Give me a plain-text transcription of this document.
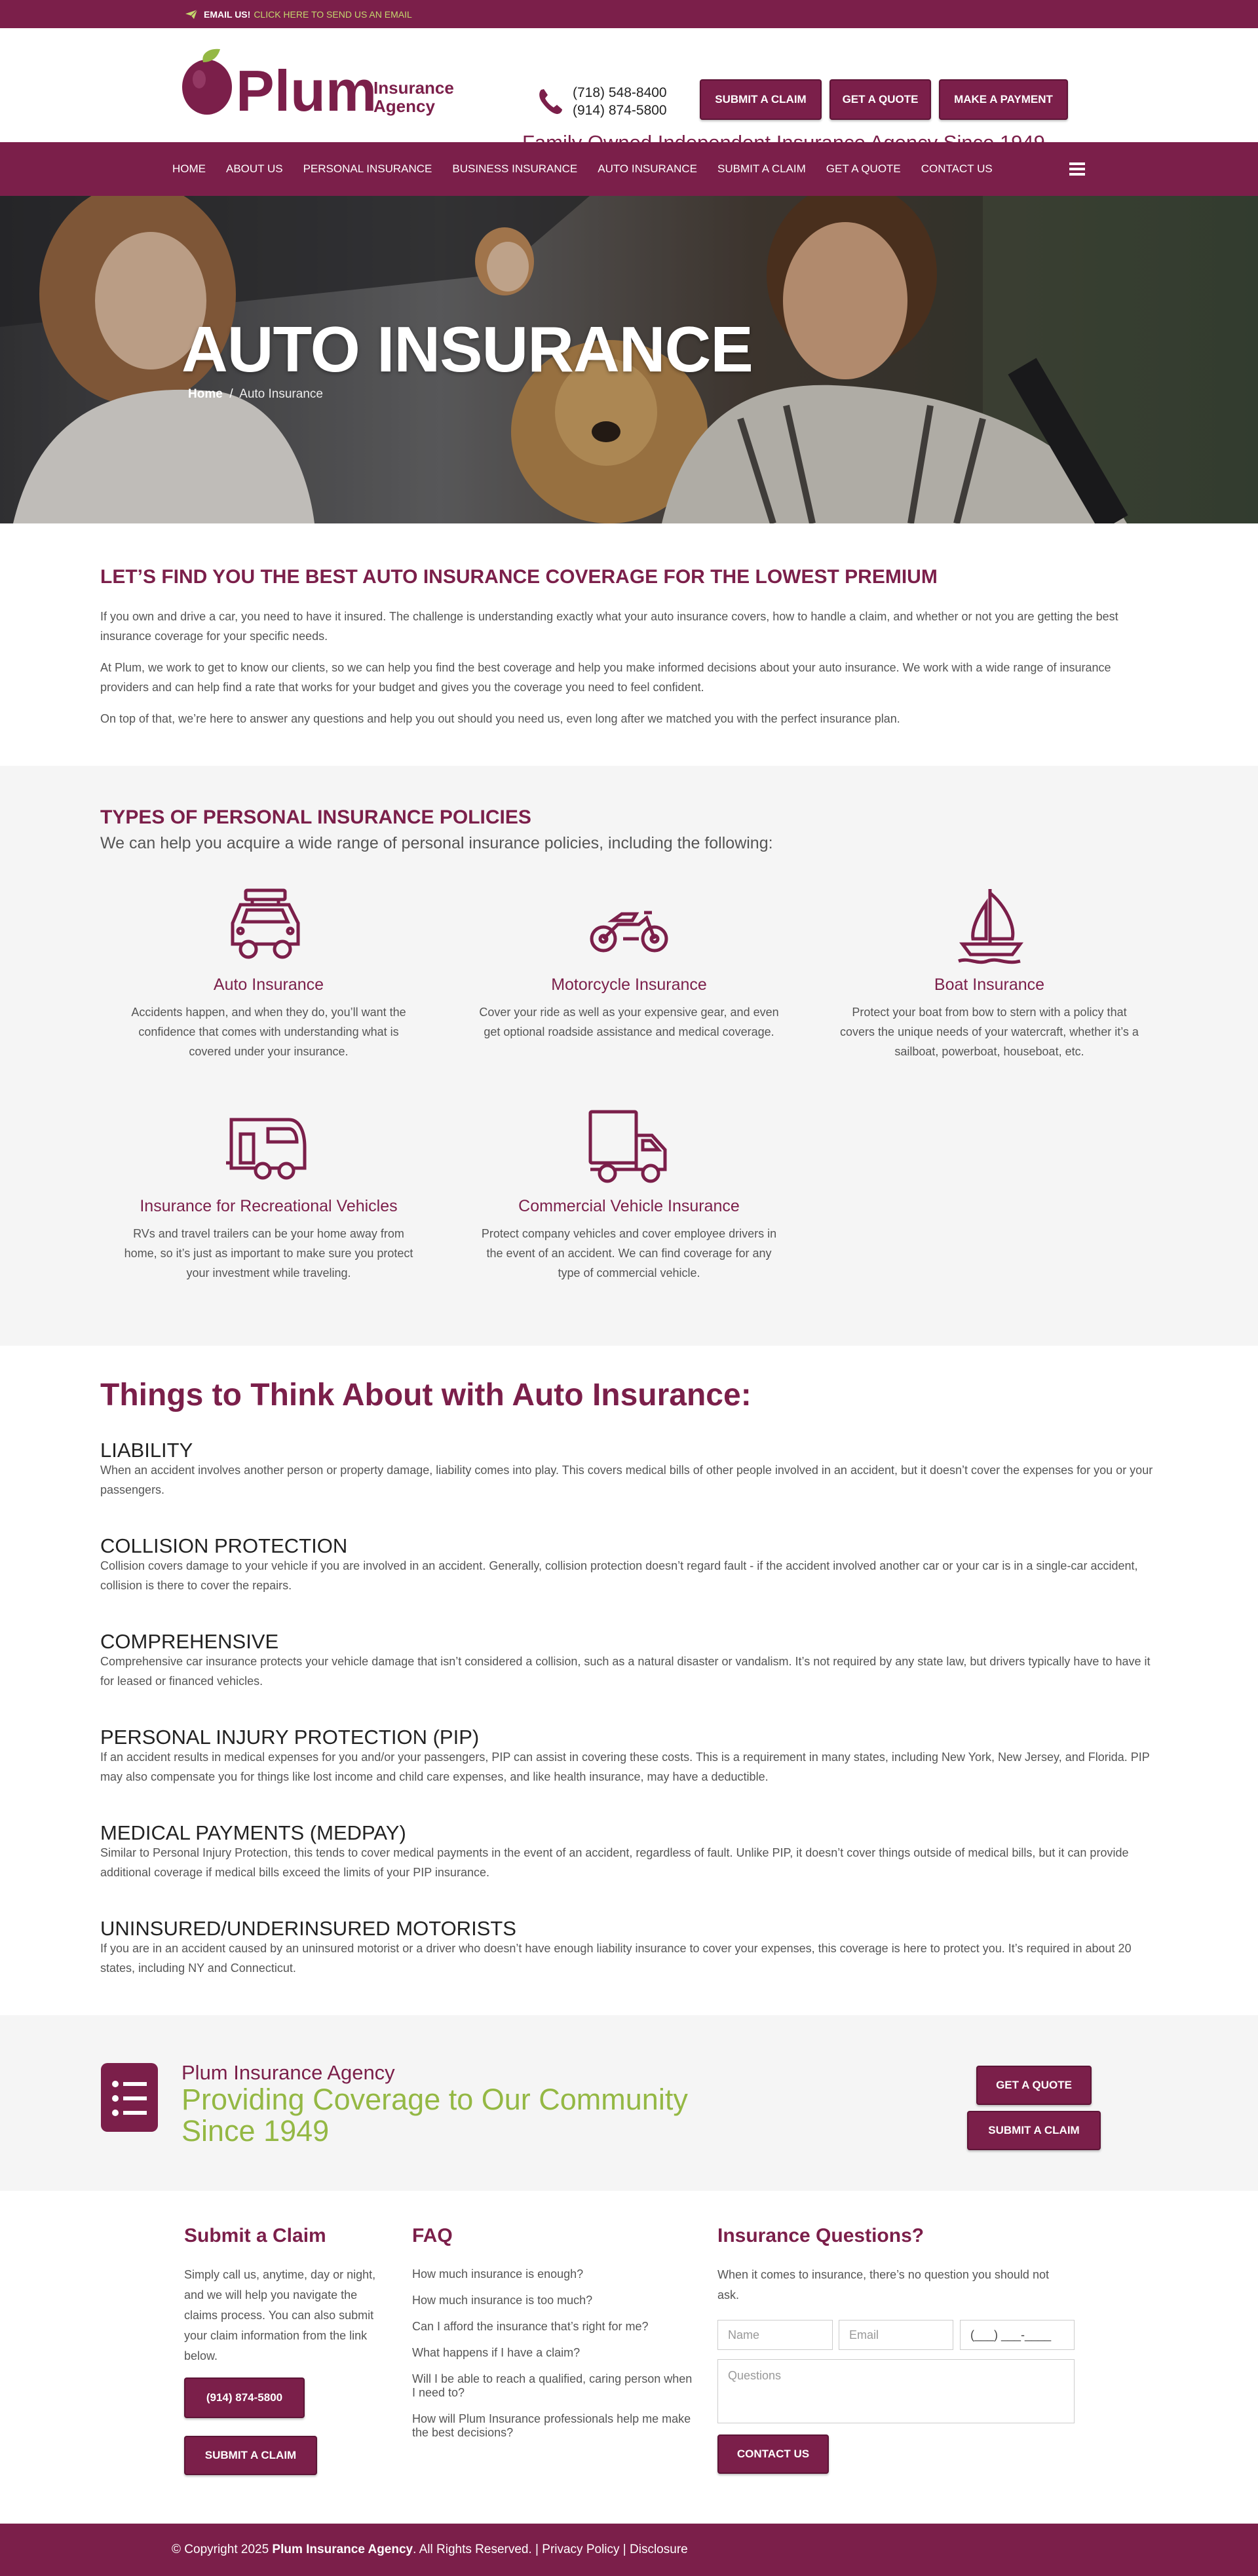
EMAIL US! CLICK HERE TO SEND US AN EMAIL
Plum
Insurance
Agency
(718) 548-8400
(914) 874-5800
SUBMIT A CLAIM	GET A QUOTE	MAKE A PAYMENT
HOME ABOUT US PERSONAL INSURANCE BUSINESS INSURANCE AUTO INSURANCE SUBMIT A CLAIM GET A QUOTE CONTACT US
AUTO INSURANCE
Home / Auto Insurance
LET’S FIND YOU THE BEST AUTO INSURANCE COVERAGE FOR THE LOWEST PREMIUM

If you own and drive a car, you need to have it insured. The challenge is understanding exactly what your auto insurance covers, how to handle a claim, and whether or not you are getting the best insurance coverage for your specific needs.

At Plum, we work to get to know our clients, so we can help you find the best coverage and help you make informed decisions about your auto insurance. We work with a wide range of insurance providers and can help find a rate that works for your budget and gives you the coverage you need to feel confident.

On top of that, we’re here to answer any questions and help you out should you need us, even long after we matched you with the perfect insurance plan.

TYPES OF PERSONAL INSURANCE POLICIES
We can help you acquire a wide range of personal insurance policies, including the following:
Auto Insurance
Accidents happen, and when they do, you’ll want the confidence that comes with understanding what is covered under your insurance.
Motorcycle Insurance
Cover your ride as well as your expensive gear, and even get optional roadside assistance and medical coverage.
Boat Insurance
Protect your boat from bow to stern with a policy that covers the unique needs of your watercraft, whether it’s a sailboat, powerboat, houseboat, etc.
Insurance for Recreational Vehicles
RVs and travel trailers can be your home away from home, so it’s just as important to make sure you protect your investment while traveling.
Commercial Vehicle Insurance
Protect company vehicles and cover employee drivers in the event of an accident. We can find coverage for any type of commercial vehicle.
Things to Think About with Auto Insurance:
LIABILITY

When an accident involves another person or property damage, liability comes into play. This covers medical bills of other people involved in an accident, but it doesn’t cover the expenses for you or your passengers.

COLLISION PROTECTION

Collision covers damage to your vehicle if you are involved in an accident. Generally, collision protection doesn’t regard fault - if the accident involved another car or your car is in a single-car accident, collision is there to cover the repairs.

COMPREHENSIVE

Comprehensive car insurance protects your vehicle damage that isn’t considered a collision, such as a natural disaster or vandalism. It’s not required by any state law, but drivers typically have to have it for leased or financed vehicles.

PERSONAL INJURY PROTECTION (PIP)

If an accident results in medical expenses for you and/or your passengers, PIP can assist in covering these costs. This is a requirement in many states, including New York, New Jersey, and Florida. PIP may also compensate you for things like lost income and child care expenses, and like health insurance, may have a deductible.

MEDICAL PAYMENTS (MEDPAY)

Similar to Personal Injury Protection, this tends to cover medical payments in the event of an accident, regardless of fault. Unlike PIP, it doesn’t cover things outside of medical bills, but it can provide additional coverage if medical bills exceed the limits of your PIP insurance.

UNINSURED/UNDERINSURED MOTORISTS

If you are in an accident caused by an uninsured motorist or a driver who doesn’t have enough liability insurance to cover your expenses, this coverage is here to protect you. It’s required in about 20 states, including NY and Connecticut.

Plum Insurance Agency
Providing Coverage to Our Community Since 1949
GET A QUOTE
SUBMIT A CLAIM
Submit a Claim
Simply call us, anytime, day or night, and we will help you navigate the claims process. You can also submit your claim information from the link below.
(914) 874-5800
SUBMIT A CLAIM
FAQ
How much insurance is enough?
How much insurance is too much?
Can I afford the insurance that’s right for me?
What happens if I have a claim?
Will I be able to reach a qualified, caring person when I need to?
How will Plum Insurance professionals help me make the best decisions?
Insurance Questions?
When it comes to insurance, there’s no question you should not ask.
Name	Email	(___) ___-____
Questions
CONTACT US
© Copyright 2025
Plum Insurance Agency . All Rights Reserved. |
Privacy Policy
|
Disclosure
